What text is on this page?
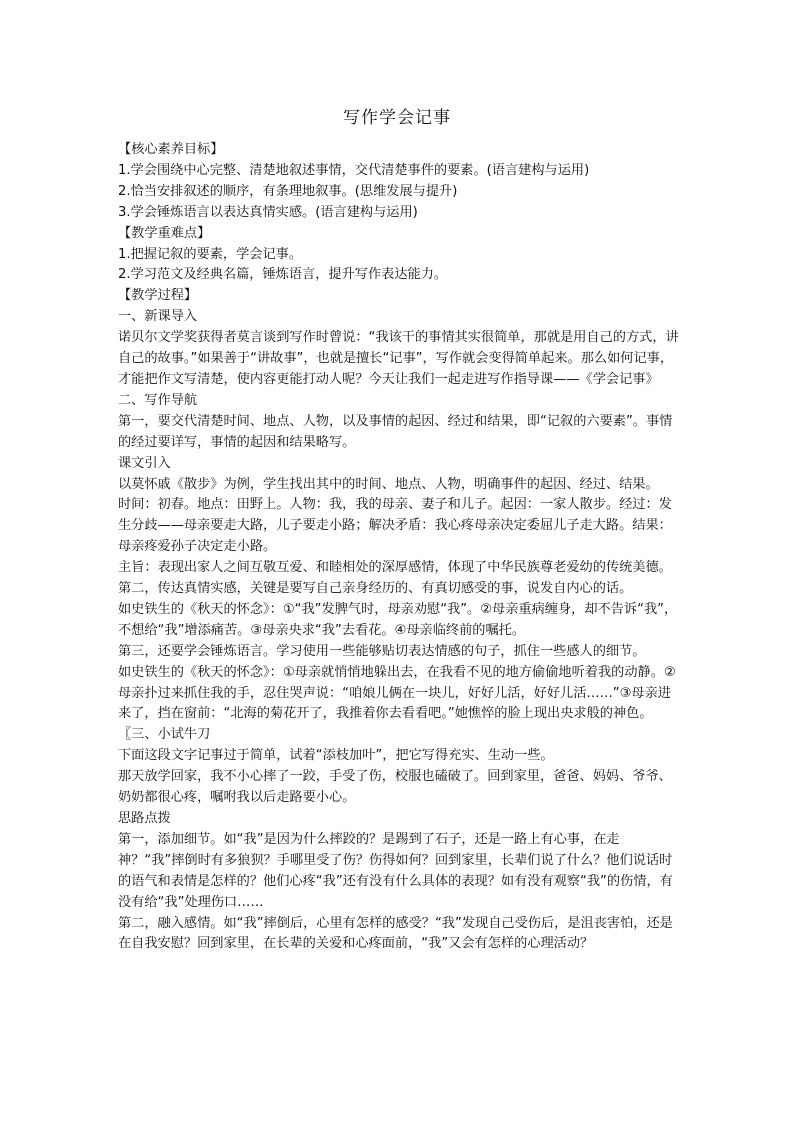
写作学会记事

【核心素养目标】

1.学会围绕中心完整、清楚地叙述事情，交代清楚事件的要素。(语言建构与运用)

2.恰当安排叙述的顺序，有条理地叙事。(思维发展与提升)

3.学会锤炼语言以表达真情实感。(语言建构与运用)

【教学重难点】

1.把握记叙的要素，学会记事。

2.学习范文及经典名篇，锤炼语言，提升写作表达能力。

【教学过程】

一、新课导入

诺贝尔文学奖获得者莫言谈到写作时曾说：“我该干的事情其实很简单，那就是用自己的方式，讲自己的故事。”如果善于“讲故事”，也就是擅长“记事”，写作就会变得简单起来。那么如何记事，才能把作文写清楚，使内容更能打动人呢？今天让我们一起走进写作指导课——《学会记事》

二、写作导航

第一，要交代清楚时间、地点、人物，以及事情的起因、经过和结果，即“记叙的六要素”。事情的经过要详写，事情的起因和结果略写。

课文引入

以莫怀戚《散步》为例，学生找出其中的时间、地点、人物，明确事件的起因、经过、结果。

时间：初春。地点：田野上。人物：我，我的母亲、妻子和儿子。起因：一家人散步。经过：发生分歧——母亲要走大路，儿子要走小路；解决矛盾：我心疼母亲决定委屈儿子走大路。结果：母亲疼爱孙子决定走小路。

主旨：表现出家人之间互敬互爱、和睦相处的深厚感情，体现了中华民族尊老爱幼的传统美德。

第二，传达真情实感，关键是要写自己亲身经历的、有真切感受的事，说发自内心的话。

如史铁生的《秋天的怀念》：①“我”发脾气时，母亲劝慰“我”。②母亲重病缠身，却不告诉“我”，不想给“我”增添痛苦。③母亲央求“我”去看花。④母亲临终前的嘱托。

第三，还要学会锤炼语言。学习使用一些能够贴切表达情感的句子，抓住一些感人的细节。

如史铁生的《秋天的怀念》：①母亲就悄悄地躲出去，在我看不见的地方偷偷地听着我的动静。②母亲扑过来抓住我的手，忍住哭声说：“咱娘儿俩在一块儿，好好儿活，好好儿活……”③母亲进来了，挡在窗前：“北海的菊花开了，我推着你去看看吧。”她憔悴的脸上现出央求般的神色。

〖三、小试牛刀

下面这段文字记事过于简单，试着“添枝加叶”，把它写得充实、生动一些。

那天放学回家，我不小心摔了一跤，手受了伤，校服也磕破了。回到家里，爸爸、妈妈、爷爷、奶奶都很心疼，嘱咐我以后走路要小心。

思路点拨

第一，添加细节。如“我”是因为什么摔跤的？是踢到了石子，还是一路上有心事，在走神？“我”摔倒时有多狼狈？手哪里受了伤？伤得如何？回到家里，长辈们说了什么？他们说话时的语气和表情是怎样的？他们心疼“我”还有没有什么具体的表现？如有没有观察“我”的伤情，有没有给“我”处理伤口……

第二，融入感情。如“我”摔倒后，心里有怎样的感受？“我”发现自己受伤后，是沮丧害怕，还是在自我安慰？回到家里，在长辈的关爱和心疼面前，“我”又会有怎样的心理活动？
